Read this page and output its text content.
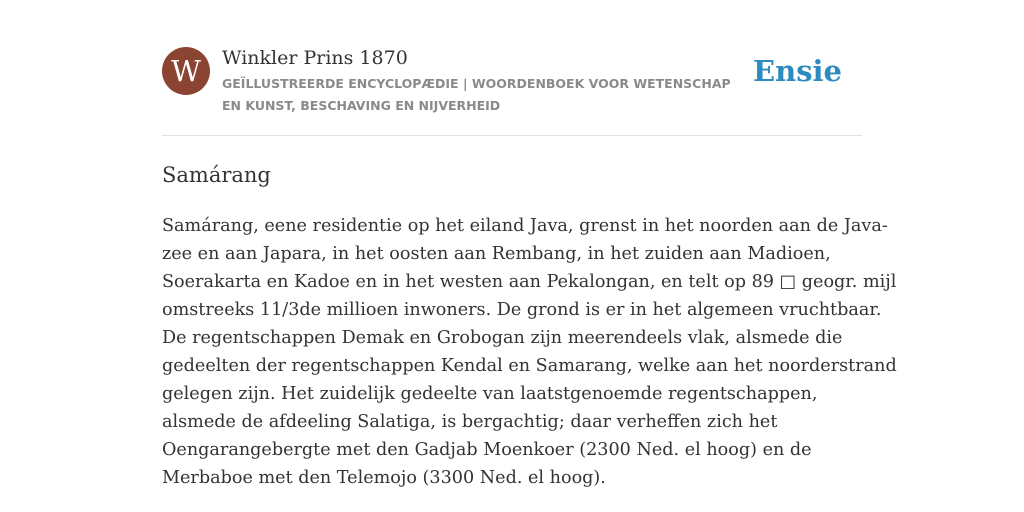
W	Winkler Prins 1870
GEÏLLUSTREERDE ENCYCLOPÆDIE | WOORDENBOEK VOOR WETENSCHAP EN KUNST, BESCHAVING EN NIJVERHEID
Ensie
Samárang
Samárang, eene residentie op het eiland Java, grenst in het noorden aan de Java-
zee en aan Japara, in het oosten aan Rembang, in het zuiden aan Madioen,
Soerakarta en Kadoe en in het westen aan Pekalongan, en telt op 89 □ geogr. mijl
omstreeks 11/3de millioen inwoners. De grond is er in het algemeen vruchtbaar.
De regentschappen Demak en Grobogan zijn meerendeels vlak, alsmede die
gedeelten der regentschappen Kendal en Samarang, welke aan het noorderstrand
gelegen zijn. Het zuidelijk gedeelte van laatstgenoemde regentschappen,
alsmede de afdeeling Salatiga, is bergachtig; daar verheffen zich het
Oengarangebergte met den Gadjab Moenkoer (2300 Ned. el hoog) en de
Merbaboe met den Telemojo (3300 Ned. el hoog).
